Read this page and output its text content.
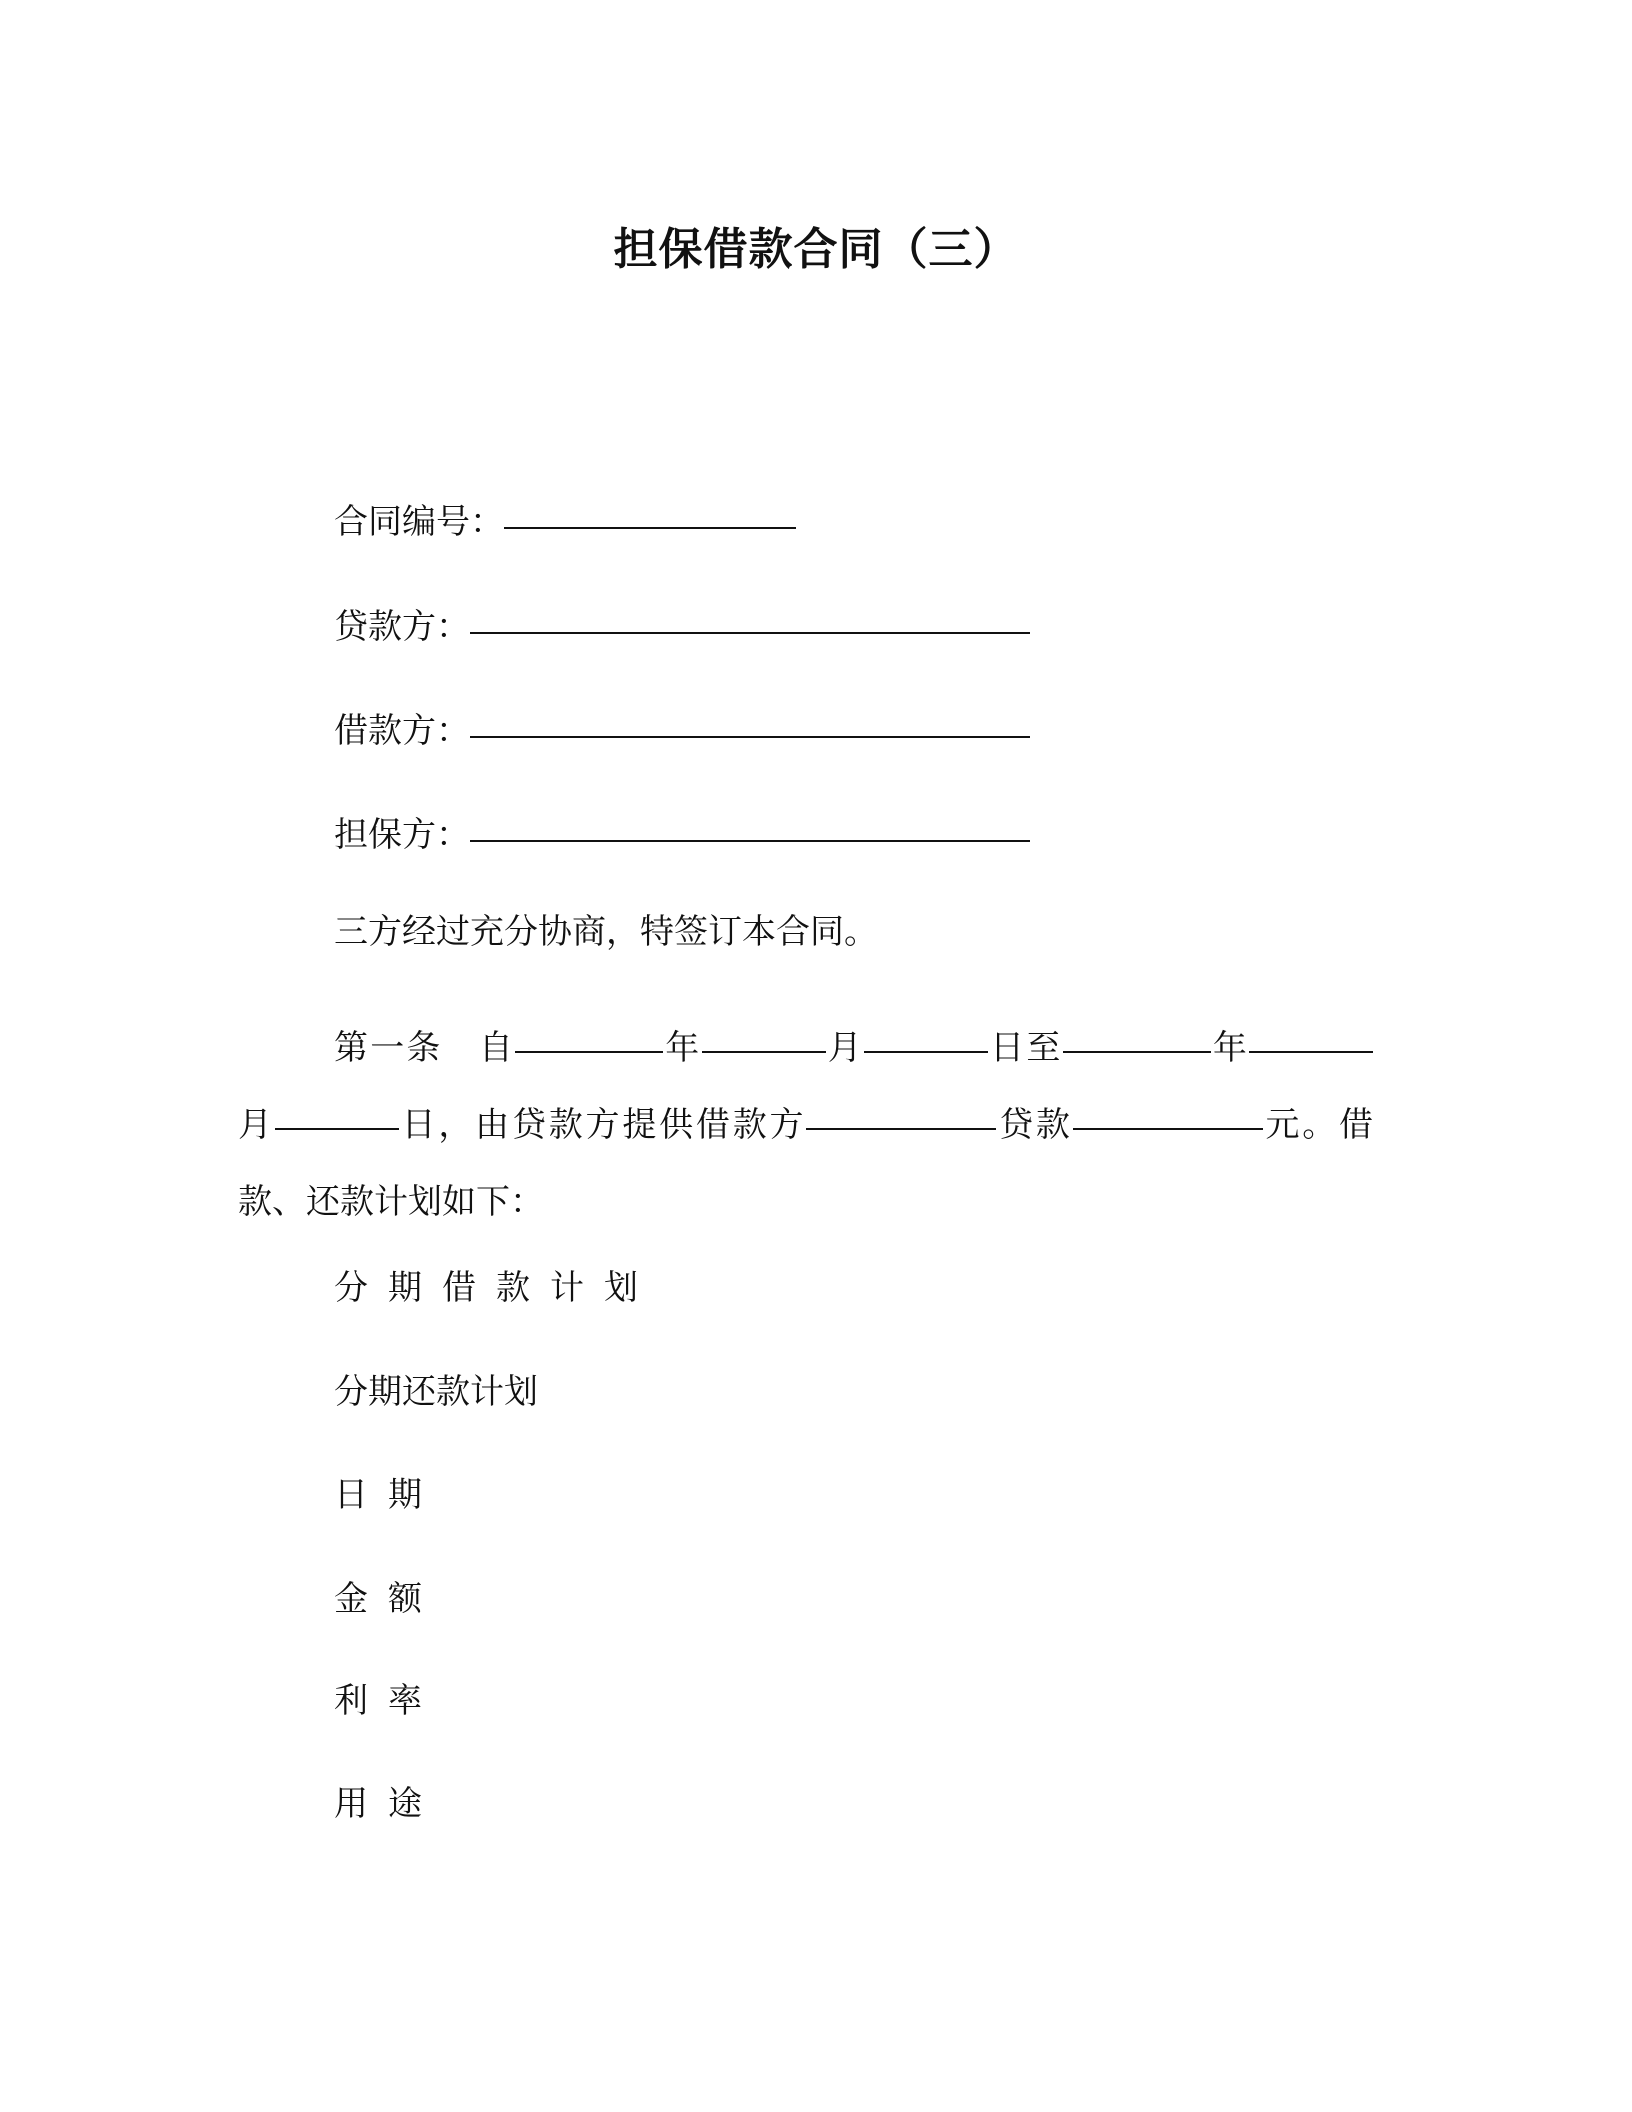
担保借款合同（三）
合同编号：
贷款方：
借款方：
担保方：
三方经过充分协商，特签订本合同。
第一条　自	年	月	日至	年月	日，由贷款方提供借款方	贷款	元。借款、还款计划如下：
分期借款计划
分期还款计划
日期
金额
利率
用途
